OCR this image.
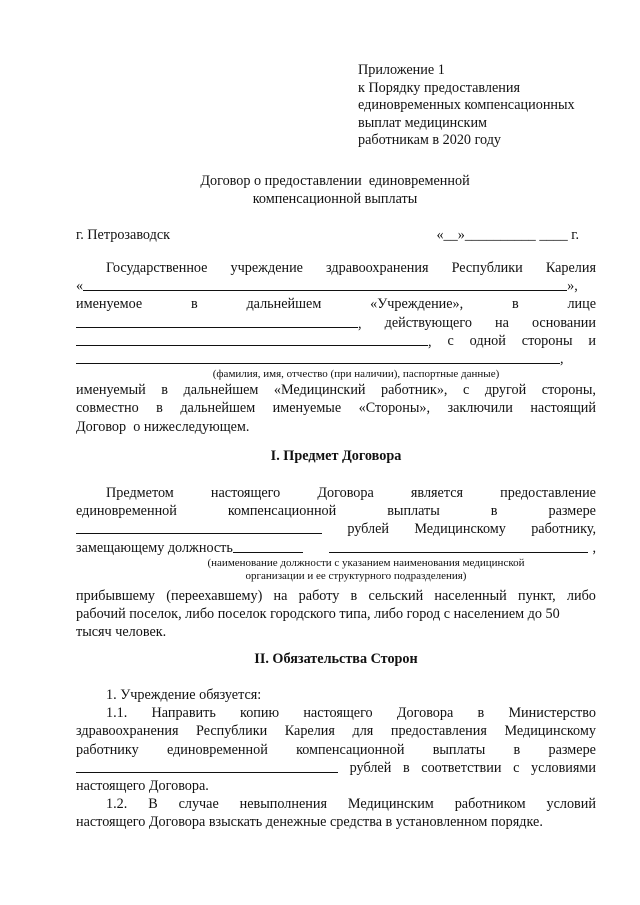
Приложение 1
к Порядку предоставления
единовременных компенсационных
выплат медицинским
работникам в 2020 году
Договор о предоставлении  единовременной
компенсационной выплаты
г. Петрозаводск	«__»__________ ____ г.
Государственное учреждение здравоохранения Республики Карелия
«	»,
именуемое	в	дальнейшем	«Учреждение»,	в	лице
, действующего на основании
, с одной стороны и
,
(фамилия, имя, отчество (при наличии), паспортные данные)
именуемый в дальнейшем «Медицинский работник», с другой стороны,
совместно в дальнейшем именуемые «Стороны», заключили настоящий
Договор  о нижеследующем.
I. Предмет Договора
Предметом	настоящего	Договора	является	предоставление
единовременной	компенсационной	выплаты	в	размере
рублей Медицинскому работнику,
замещающему должность	,
(наименование должности с указанием наименования медицинской
организации и ее структурного подразделения)
прибывшему (переехавшему) на работу в сельский населенный пункт, либо
рабочий поселок, либо поселок городского типа, либо город с населением до 50
тысяч человек.
II. Обязательства Сторон
1. Учреждение обязуется:
1.1. Направить копию настоящего Договора в Министерство
здравоохранения Республики Карелия для предоставления Медицинскому
работнику единовременной компенсационной выплаты в размере
рублей в соответствии с условиями
настоящего Договора.
1.2. В случае невыполнения Медицинским работником условий
настоящего Договора взыскать денежные средства в установленном порядке.
